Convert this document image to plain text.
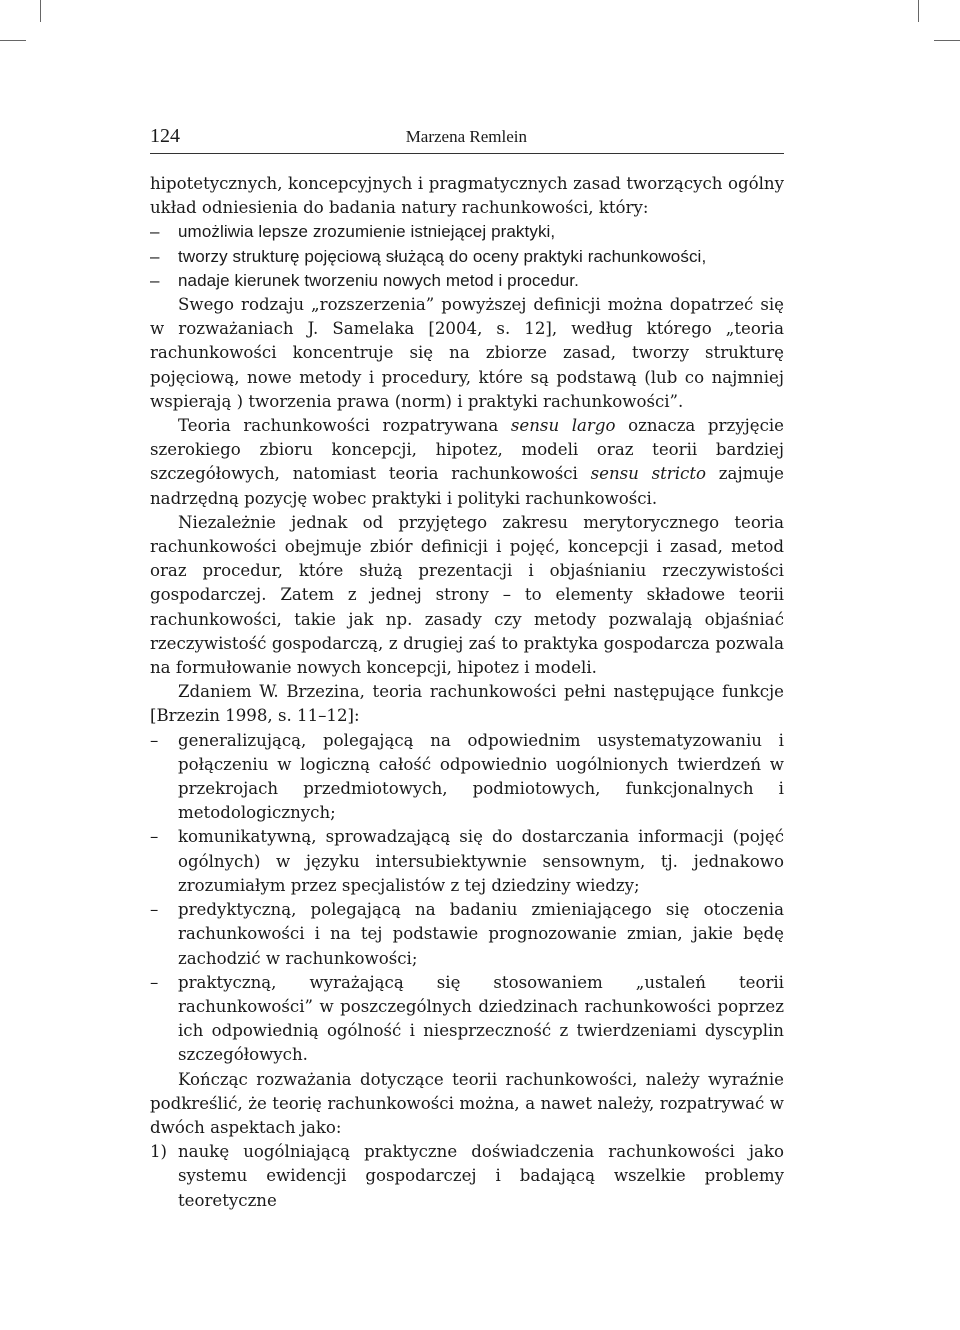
124	Marzena Remlein

hipotetycznych, koncepcyjnych i pragmatycznych zasad tworzących ogólny układ odniesienia do badania natury rachunkowości, który:

– umożliwia lepsze zrozumienie istniejącej praktyki,

– tworzy strukturę pojęciową służącą do oceny praktyki rachunkowości,

– nadaje kierunek tworzeniu nowych metod i procedur.

Swego rodzaju „rozszerzenia” powyższej definicji można dopatrzeć się w rozważaniach J. Samelaka [2004, s. 12], według którego „teoria rachunkowości koncentruje się na zbiorze zasad, tworzy strukturę pojęciową, nowe metody i procedury, które są podstawą (lub co najmniej wspierają ) tworzenia prawa (norm) i praktyki rachunkowości”.

Teoria rachunkowości rozpatrywana sensu largo oznacza przyjęcie szerokiego zbioru koncepcji, hipotez, modeli oraz teorii bardziej szczegółowych, natomiast teoria rachunkowości sensu stricto zajmuje nadrzędną pozycję wobec praktyki i polityki rachunkowości.

Niezależnie jednak od przyjętego zakresu merytorycznego teoria rachunkowości obejmuje zbiór definicji i pojęć, koncepcji i zasad, metod oraz procedur, które służą prezentacji i objaśnianiu rzeczywistości gospodarczej. Zatem z jednej strony – to elementy składowe teorii rachunkowości, takie jak np. zasady czy metody pozwalają objaśniać rzeczywistość gospodarczą, z drugiej zaś to praktyka gospodarcza pozwala na formułowanie nowych koncepcji, hipotez i modeli.

Zdaniem W. Brzezina, teoria rachunkowości pełni następujące funkcje [Brzezin 1998, s. 11–12]:

– generalizującą, polegającą na odpowiednim usystematyzowaniu i połączeniu w logiczną całość odpowiednio uogólnionych twierdzeń w przekrojach przedmiotowych, podmiotowych, funkcjonalnych i metodologicznych;

– komunikatywną, sprowadzającą się do dostarczania informacji (pojęć ogólnych) w języku intersubiektywnie sensownym, tj. jednakowo zrozumiałym przez specjalistów z tej dziedziny wiedzy;

– predyktyczną, polegającą na badaniu zmieniającego się otoczenia rachunkowości i na tej podstawie prognozowanie zmian, jakie będę zachodzić w rachunkowości;

– praktyczną, wyrażającą się stosowaniem „ustaleń teorii rachunkowości” w poszczególnych dziedzinach rachunkowości poprzez ich odpowiednią ogólność i niesprzeczność z twierdzeniami dyscyplin szczegółowych.

Kończąc rozważania dotyczące teorii rachunkowości, należy wyraźnie podkreślić, że teorię rachunkowości można, a nawet należy, rozpatrywać w dwóch aspektach jako:

1) naukę uogólniającą praktyczne doświadczenia rachunkowości jako systemu ewidencji gospodarczej i badającą wszelkie problemy teoretyczne
